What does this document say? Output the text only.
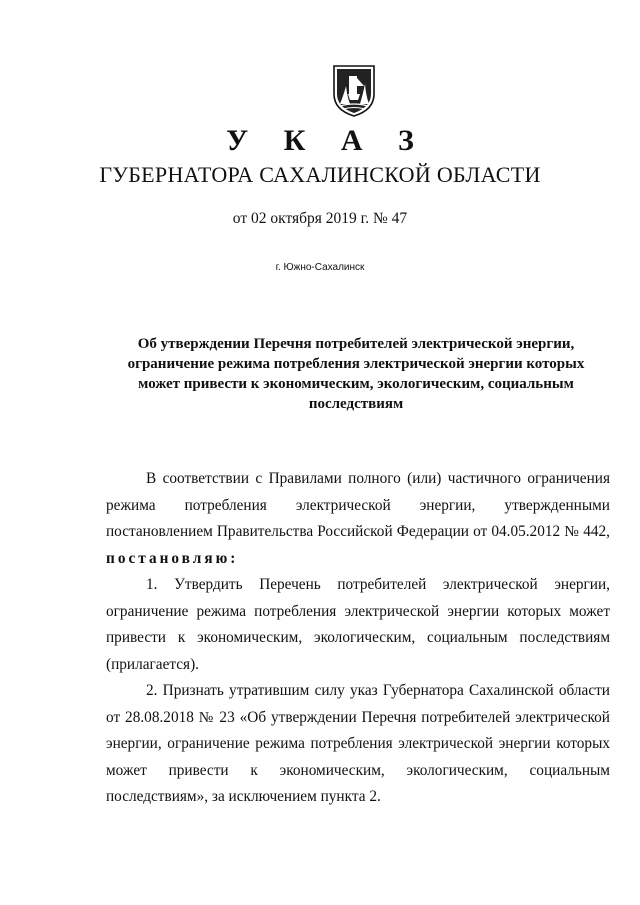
У К А З
ГУБЕРНАТОРА САХАЛИНСКОЙ ОБЛАСТИ
от 02 октября 2019 г. № 47
г. Южно-Сахалинск
Об утверждении Перечня потребителей электрической энергии,
ограничение режима потребления электрической энергии которых
может привести к экономическим, экологическим, социальным
последствиям
В соответствии с Правилами полного (или) частичного ограничения
режима потребления электрической энергии, утвержденными
постановлением Правительства Российской Федерации от 04.05.2012 № 442,
постановляю:
1. Утвердить Перечень потребителей электрической энергии,
ограничение режима потребления электрической энергии которых может
привести к экономическим, экологическим, социальным последствиям
(прилагается).
2. Признать утратившим силу указ Губернатора Сахалинской области
от 28.08.2018 № 23 «Об утверждении Перечня потребителей электрической
энергии, ограничение режима потребления электрической энергии которых
может привести к экономическим, экологическим, социальным
последствиям», за исключением пункта 2.
